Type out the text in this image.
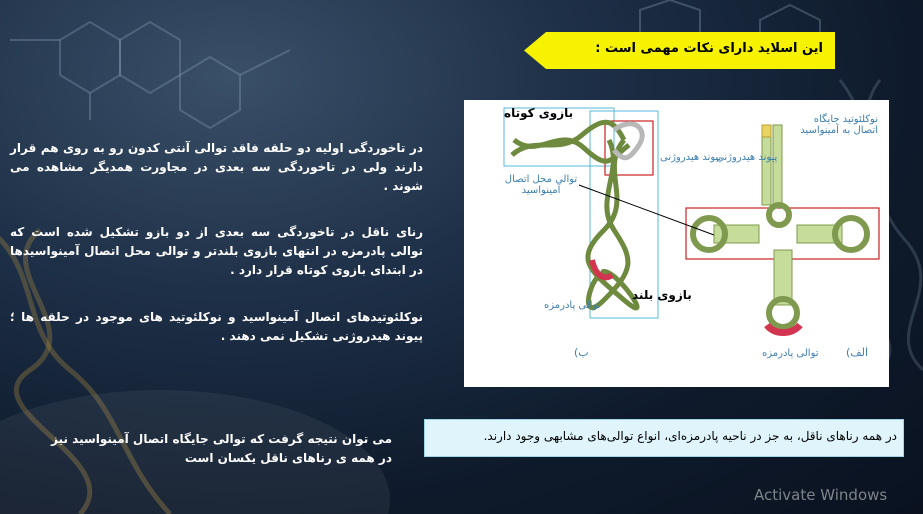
این اسلاید دارای نکات مهمی است :

در تاخوردگی اولیه دو حلقه فاقد توالی آنتی کدون رو به روی هم قرار دارند ولی در تاخوردگی سه بعدی در مجاورت همدیگر مشاهده می شوند .

رنای ناقل در تاخوردگی سه بعدی از دو بازو تشکیل شده است که توالی پادرمزه در انتهای بازوی بلندتر و توالی محل اتصال آمینواسیدها در ابتدای بازوی کوتاه قرار دارد .

نوکلئوتیدهای اتصال آمینواسید و نوکلئوتید های موجود در حلقه ها ؛ پیوند هیدروژنی تشکیل نمی دهند .

می توان نتیجه گرفت که توالی جایگاه اتصال آمینواسید نیز در همه ی رناهای ناقل یکسان است

بازوی کوتاه
بازوی بلند
پیوند هیدروژنی
توالی محل اتصال آمینواسید
توالی پادرمزه
پیوند هیدروژنی
نوکلئوتید جایگاه اتصال به آمینواسید
توالی پادرمزه
ب)	الف)
در همه رناهای ناقل، به جز در ناحیه پادرمزه‌ای، انواع توالی‌های مشابهی وجود دارند.
Activate Windows
